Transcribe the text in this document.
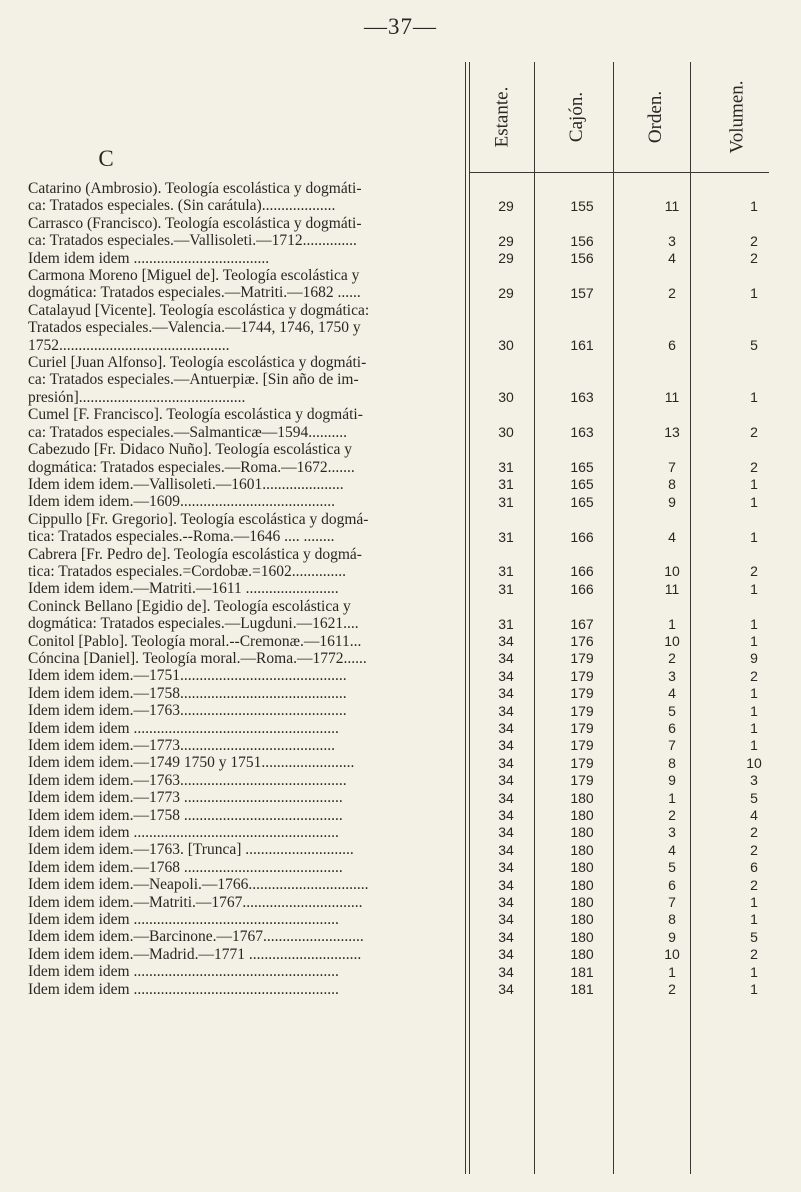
—37—
C
Estante.	Cajón.	Orden.	Volumen.
Catarino (Ambrosio). Teología escolástica y dogmáti-
ca: Tratados especiales. (Sin carátula)...................	29	155	11	1
Carrasco (Francisco). Teología escolástica y dogmáti-
ca: Tratados especiales.—Vallisoleti.—1712..............	29	156	3	2
Idem idem idem ...................................	29	156	4	2
Carmona Moreno [Miguel de]. Teología escolástica y
dogmática: Tratados especiales.—Matriti.—1682 ......	29	157	2	1
Catalayud [Vicente]. Teología escolástica y dogmática:
Tratados especiales.—Valencia.—1744, 1746, 1750 y
1752............................................	30	161	6	5
Curiel [Juan Alfonso]. Teología escolástica y dogmáti-
ca: Tratados especiales.—Antuerpiæ. [Sin año de im-
presión]...........................................	30	163	11	1
Cumel [F. Francisco]. Teología escolástica y dogmáti-
ca: Tratados especiales.—Salmanticæ—1594..........	30	163	13	2
Cabezudo [Fr. Didaco Nuño]. Teología escolástica y
dogmática: Tratados especiales.—Roma.—1672.......	31	165	7	2
Idem idem idem.—Vallisoleti.—1601.....................	31	165	8	1
Idem idem idem.—1609........................................	31	165	9	1
Cippullo [Fr. Gregorio]. Teología escolástica y dogmá-
tica: Tratados especiales.--Roma.—1646 .... ........	31	166	4	1
Cabrera [Fr. Pedro de]. Teología escolástica y dogmá-
tica: Tratados especiales.=Cordobæ.=1602..............	31	166	10	2
Idem idem idem.—Matriti.—1611 ........................	31	166	11	1
Coninck Bellano [Egidio de]. Teología escolástica y
dogmática: Tratados especiales.—Lugduni.—1621....	31	167	1	1
Conitol [Pablo]. Teología moral.--Cremonæ.—1611...	34	176	10	1
Cóncina [Daniel]. Teología moral.—Roma.—1772......	34	179	2	9
Idem idem idem.—1751...........................................	34	179	3	2
Idem idem idem.—1758...........................................	34	179	4	1
Idem idem idem.—1763...........................................	34	179	5	1
Idem idem idem .....................................................	34	179	6	1
Idem idem idem.—1773........................................	34	179	7	1
Idem idem idem.—1749 1750 y 1751........................	34	179	8	10
Idem idem idem.—1763...........................................	34	179	9	3
Idem idem idem.—1773 .........................................	34	180	1	5
Idem idem idem.—1758 .........................................	34	180	2	4
Idem idem idem .....................................................	34	180	3	2
Idem idem idem.—1763. [Trunca] ............................	34	180	4	2
Idem idem idem.—1768 .........................................	34	180	5	6
Idem idem idem.—Neapoli.—1766...............................	34	180	6	2
Idem idem idem.—Matriti.—1767...............................	34	180	7	1
Idem idem idem .....................................................	34	180	8	1
Idem idem idem.—Barcinone.—1767..........................	34	180	9	5
Idem idem idem.—Madrid.—1771 .............................	34	180	10	2
Idem idem idem .....................................................	34	181	1	1
Idem idem idem .....................................................	34	181	2	1
